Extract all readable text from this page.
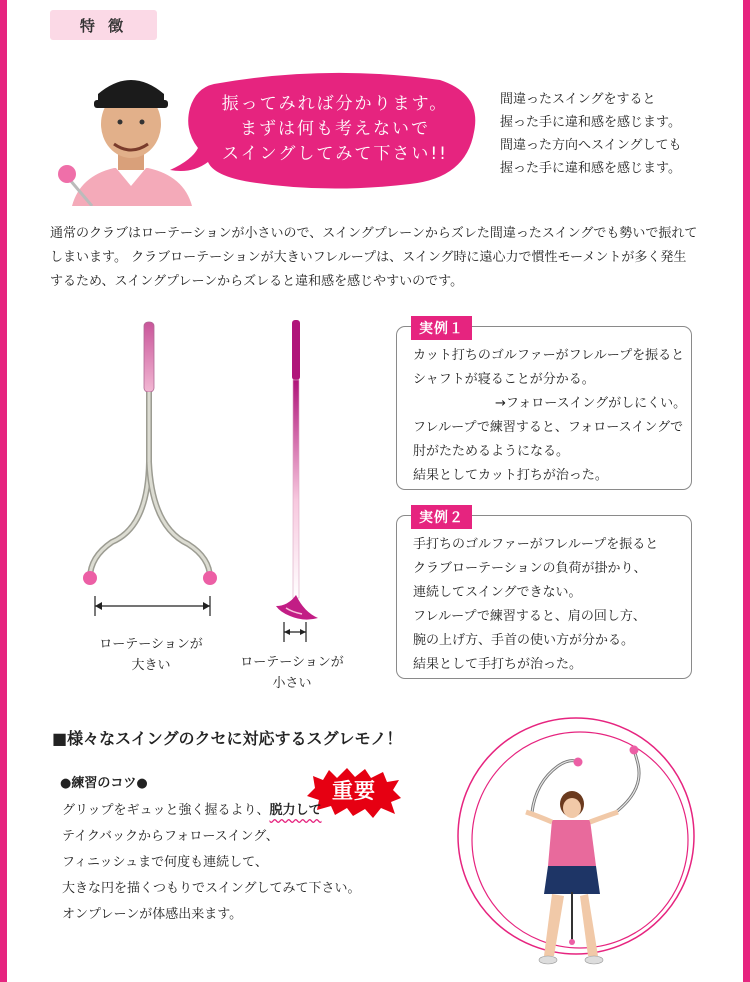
特 徴
振ってみれば分かります。
まずは何も考えないで
スイングしてみて下さい!!
間違ったスイングをすると
握った手に違和感を感じます。
間違った方向へスイングしても
握った手に違和感を感じます。
通常のクラブはローテーションが小さいので、スイングプレーンからズレた間違ったスイングでも勢いで振れて
しまいます。 クラブローテーションが大きいフレループは、スイング時に遠心力で慣性モーメントが多く発生
するため、スイングプレーンからズレると違和感を感じやすいのです。
ローテーションが
大きい	ローテーションが
小さい
実例１
カット打ちのゴルファーがフレループを振ると
シャフトが寝ることが分かる。
→フォロースイングがしにくい。
フレループで練習すると、フォロースイングで
肘がたためるようになる。
結果としてカット打ちが治った。
実例２
手打ちのゴルファーがフレループを振ると
クラブローテーションの負荷が掛かり、
連続してスイングできない。
フレループで練習すると、肩の回し方、
腕の上げ方、手首の使い方が分かる。
結果として手打ちが治った。
■様々なスイングのクセに対応するスグレモノ！
●練習のコツ●	重要
グリップをギュッと強く握るより、脱力して
テイクバックからフォロースイング、
フィニッシュまで何度も連続して、
大きな円を描くつもりでスイングしてみて下さい。
オンプレーンが体感出来ます。
